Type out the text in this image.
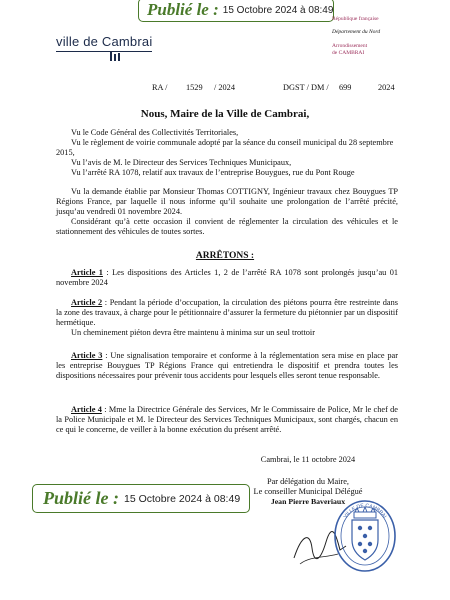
Publié le : 15 Octobre 2024 à 08:49
ville de Cambrai
République française
Département du Nord
Arrondissement
de CAMBRAI
RA / 1529 / 2024	DGST / DM / 699	2024
Nous, Maire de la Ville de Cambrai,

Vu le Code Général des Collectivités Territoriales,

Vu le règlement de voirie communale adopté par la séance du conseil municipal du 28 septembre 2015,

Vu l’avis de M. le Directeur des Services Techniques Municipaux,

Vu l’arrêté RA 1078, relatif aux travaux de l’entreprise Bouygues, rue du Pont Rouge

Vu la demande établie par Monsieur Thomas COTTIGNY, Ingénieur travaux chez Bouygues TP Régions France, par laquelle il nous informe qu’il souhaite une prolongation de l’arrêté précité, jusqu’au vendredi 01 novembre 2024.

Considérant qu’à cette occasion il convient de réglementer la circulation des véhicules et le stationnement des véhicules de toutes sortes.

ARRÊTONS :

Article 1 : Les dispositions des Articles 1, 2 de l’arrêté RA 1078 sont prolongés jusqu’au 01 novembre 2024

Article 2 : Pendant la période d’occupation, la circulation des piétons pourra être restreinte dans la zone des travaux, à charge pour le pétitionnaire d’assurer la fermeture du piétonnier par un dispositif hermétique.

Un cheminement piéton devra être maintenu à minima sur un seul trottoir

Article 3 : Une signalisation temporaire et conforme à la réglementation sera mise en place par les entreprise Bouygues TP Régions France qui entretiendra le dispositif et prendra toutes les dispositions nécessaires pour prévenir tous accidents pour lesquels elles seront tenue responsable.

Article 4 : Mme la Directrice Générale des Services, Mr le Commissaire de Police, Mr le chef de la Police Municipale et M. le Directeur des Services Techniques Municipaux, sont chargés, chacun en ce qui le concerne, de veiller à la bonne exécution du présent arrêté.

Cambrai, le 11 octobre 2024
Par délégation du Maire,
Le conseiller Municipal Délégué
Jean Pierre Baveriaux
VILLE DE CAMBRAI
Publié le : 15 Octobre 2024 à 08:49
